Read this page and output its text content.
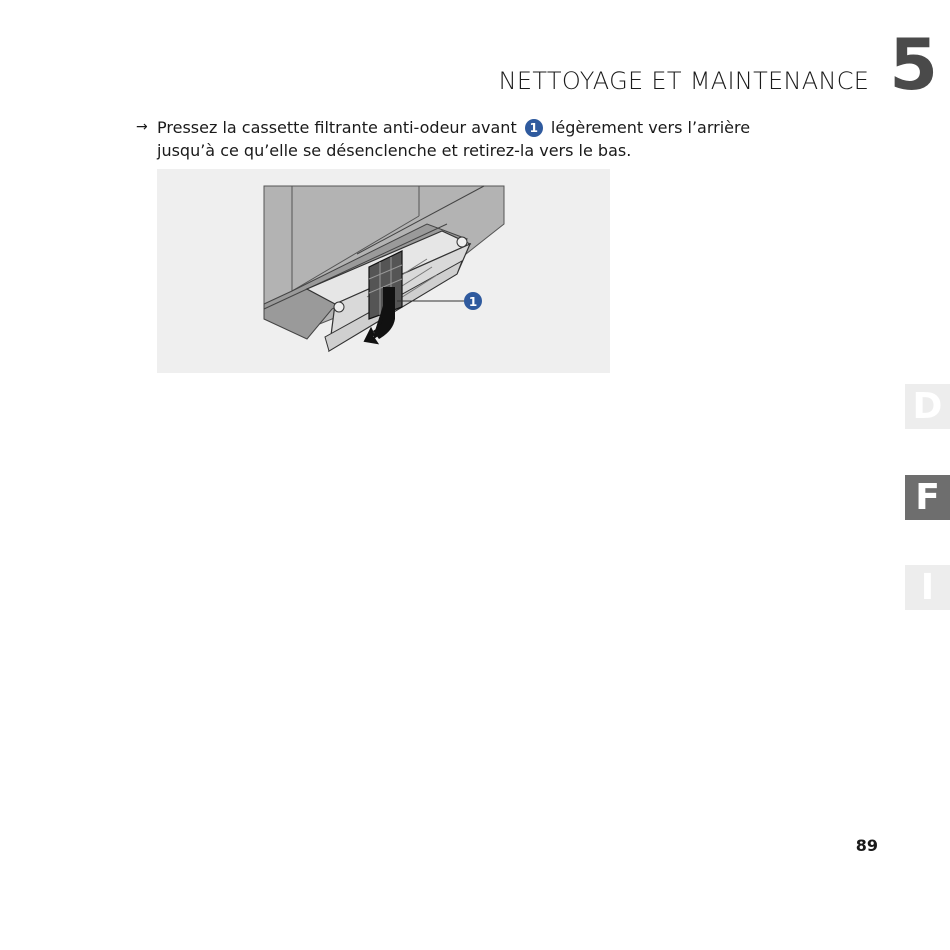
NETTOYAGE ET MAINTENANCE 5
→ Pressez la cassette filtrante anti-odeur avant 1 légèrement vers l’arrière jusqu’à ce qu’elle se désenclenche et retirez-la vers le bas.
1
D
F
I
89
